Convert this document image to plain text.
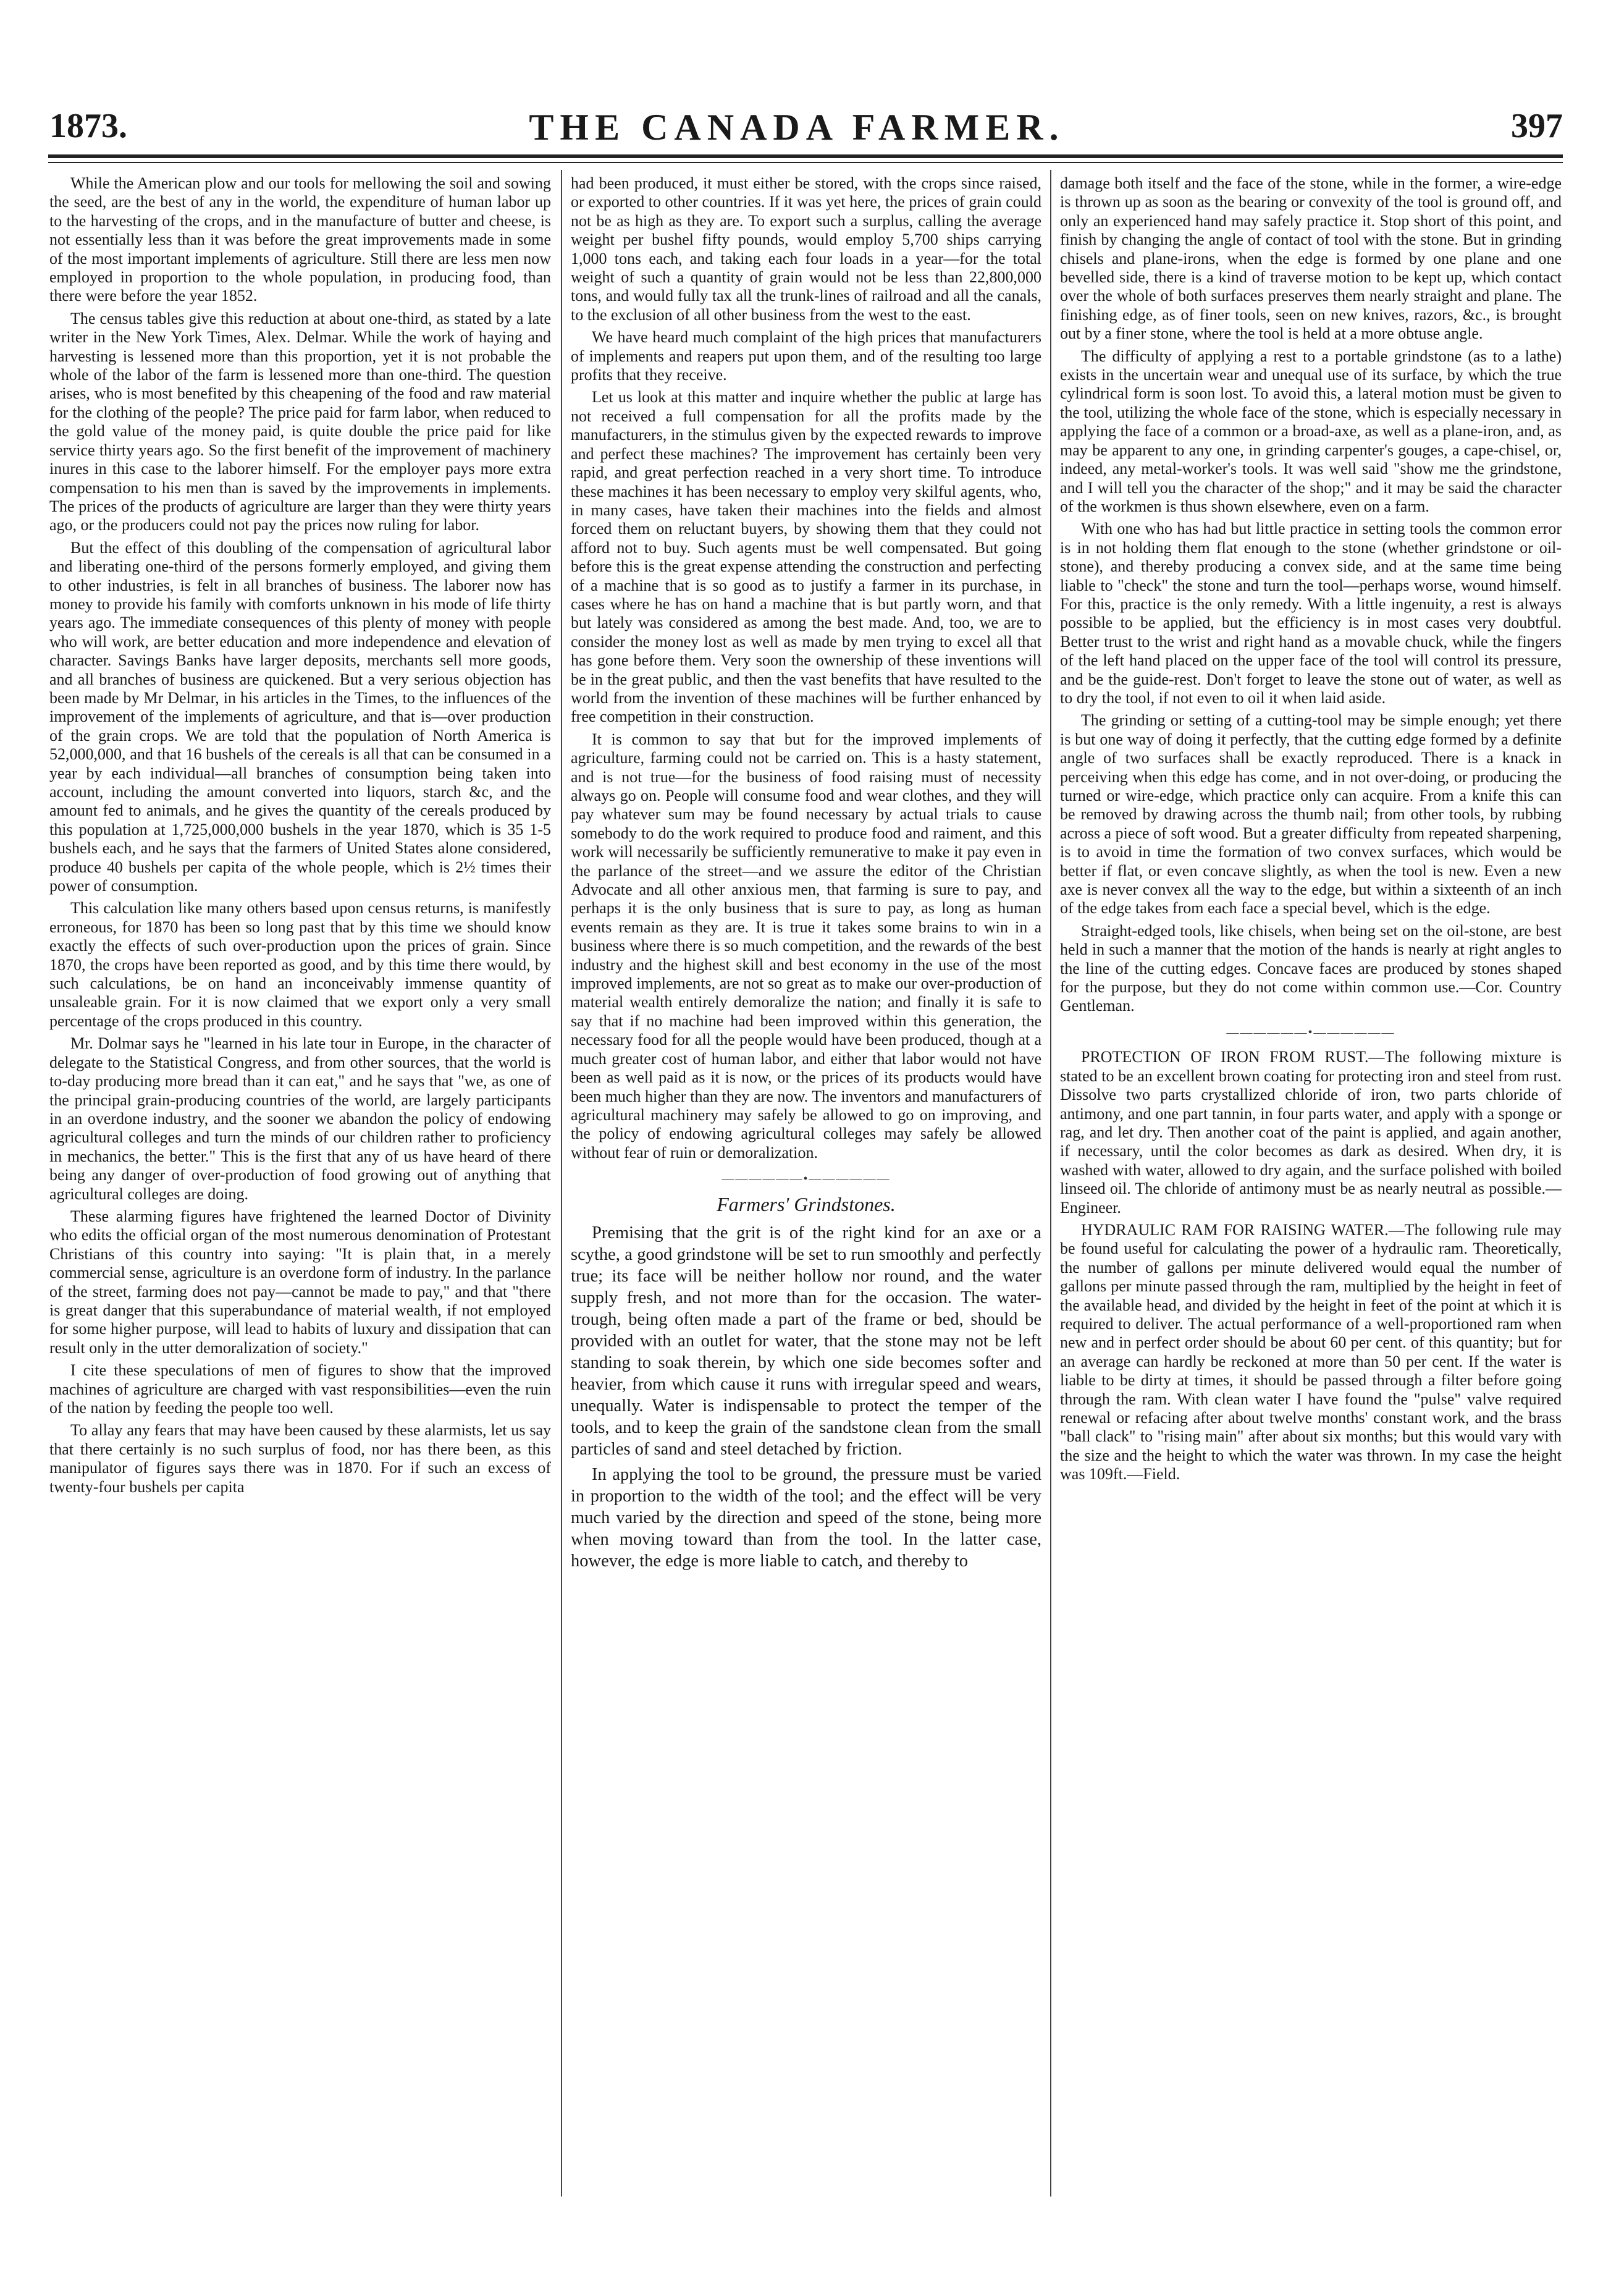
1873.	THE CANADA FARMER.	397

While the American plow and our tools for mellowing the soil and sowing the seed, are the best of any in the world, the expenditure of human labor up to the harvesting of the crops, and in the manufacture of butter and cheese, is not essentially less than it was before the great improvements made in some of the most important implements of agriculture. Still there are less men now employed in proportion to the whole population, in producing food, than there were before the year 1852.

The census tables give this reduction at about one-third, as stated by a late writer in the New York Times, Alex. Delmar. While the work of haying and harvesting is lessened more than this proportion, yet it is not probable the whole of the labor of the farm is lessened more than one-third. The question arises, who is most benefited by this cheapening of the food and raw material for the clothing of the people? The price paid for farm labor, when reduced to the gold value of the money paid, is quite double the price paid for like service thirty years ago. So the first benefit of the improvement of machinery inures in this case to the laborer himself. For the employer pays more extra compensation to his men than is saved by the improvements in implements. The prices of the products of agriculture are larger than they were thirty years ago, or the producers could not pay the prices now ruling for labor.

But the effect of this doubling of the compensation of agricultural labor and liberating one-third of the persons formerly employed, and giving them to other industries, is felt in all branches of business. The laborer now has money to provide his family with comforts unknown in his mode of life thirty years ago. The immediate consequences of this plenty of money with people who will work, are better education and more independence and elevation of character. Savings Banks have larger deposits, merchants sell more goods, and all branches of business are quickened. But a very serious objection has been made by Mr Delmar, in his articles in the Times, to the influences of the improvement of the implements of agriculture, and that is—over production of the grain crops. We are told that the population of North America is 52,000,000, and that 16 bushels of the cereals is all that can be consumed in a year by each individual—all branches of consumption being taken into account, including the amount converted into liquors, starch &c, and the amount fed to animals, and he gives the quantity of the cereals produced by this population at 1,725,000,000 bushels in the year 1870, which is 35 1-5 bushels each, and he says that the farmers of United States alone considered, produce 40 bushels per capita of the whole people, which is 2½ times their power of consumption.

This calculation like many others based upon census returns, is manifestly erroneous, for 1870 has been so long past that by this time we should know exactly the effects of such over-production upon the prices of grain. Since 1870, the crops have been reported as good, and by this time there would, by such calculations, be on hand an inconceivably immense quantity of unsaleable grain. For it is now claimed that we export only a very small percentage of the crops produced in this country.

Mr. Dolmar says he "learned in his late tour in Europe, in the character of delegate to the Statistical Congress, and from other sources, that the world is to-day producing more bread than it can eat," and he says that "we, as one of the principal grain-producing countries of the world, are largely participants in an overdone industry, and the sooner we abandon the policy of endowing agricultural colleges and turn the minds of our children rather to proficiency in mechanics, the better." This is the first that any of us have heard of there being any danger of over-production of food growing out of anything that agricultural colleges are doing.

These alarming figures have frightened the learned Doctor of Divinity who edits the official organ of the most numerous denomination of Protestant Christians of this country into saying: "It is plain that, in a merely commercial sense, agriculture is an overdone form of industry. In the parlance of the street, farming does not pay—cannot be made to pay," and that "there is great danger that this superabundance of material wealth, if not employed for some higher purpose, will lead to habits of luxury and dissipation that can result only in the utter demoralization of society."

I cite these speculations of men of figures to show that the improved machines of agriculture are charged with vast responsibilities—even the ruin of the nation by feeding the people too well.

To allay any fears that may have been caused by these alarmists, let us say that there certainly is no such surplus of food, nor has there been, as this manipulator of figures says there was in 1870. For if such an excess of twenty-four bushels per capita

had been produced, it must either be stored, with the crops since raised, or exported to other countries. If it was yet here, the prices of grain could not be as high as they are. To export such a surplus, calling the average weight per bushel fifty pounds, would employ 5,700 ships carrying 1,000 tons each, and taking each four loads in a year—for the total weight of such a quantity of grain would not be less than 22,800,000 tons, and would fully tax all the trunk-lines of railroad and all the canals, to the exclusion of all other business from the west to the east.

We have heard much complaint of the high prices that manufacturers of implements and reapers put upon them, and of the resulting too large profits that they receive.

Let us look at this matter and inquire whether the public at large has not received a full compensation for all the profits made by the manufacturers, in the stimulus given by the expected rewards to improve and perfect these machines? The improvement has certainly been very rapid, and great perfection reached in a very short time. To introduce these machines it has been necessary to employ very skilful agents, who, in many cases, have taken their machines into the fields and almost forced them on reluctant buyers, by showing them that they could not afford not to buy. Such agents must be well compensated. But going before this is the great expense attending the construction and perfecting of a machine that is so good as to justify a farmer in its purchase, in cases where he has on hand a machine that is but partly worn, and that but lately was considered as among the best made. And, too, we are to consider the money lost as well as made by men trying to excel all that has gone before them. Very soon the ownership of these inventions will be in the great public, and then the vast benefits that have resulted to the world from the invention of these machines will be further enhanced by free competition in their construction.

It is common to say that but for the improved implements of agriculture, farming could not be carried on. This is a hasty statement, and is not true—for the business of food raising must of necessity always go on. People will consume food and wear clothes, and they will pay whatever sum may be found necessary by actual trials to cause somebody to do the work required to produce food and raiment, and this work will necessarily be sufficiently remunerative to make it pay even in the parlance of the street—and we assure the editor of the Christian Advocate and all other anxious men, that farming is sure to pay, and perhaps it is the only business that is sure to pay, as long as human events remain as they are. It is true it takes some brains to win in a business where there is so much competition, and the rewards of the best industry and the highest skill and best economy in the use of the most improved implements, are not so great as to make our over-production of material wealth entirely demoralize the nation; and finally it is safe to say that if no machine had been improved within this generation, the necessary food for all the people would have been produced, though at a much greater cost of human labor, and either that labor would not have been as well paid as it is now, or the prices of its products would have been much higher than they are now. The inventors and manufacturers of agricultural machinery may safely be allowed to go on improving, and the policy of endowing agricultural colleges may safely be allowed without fear of ruin or demoralization.

——————•——————
Farmers' Grindstones.

Premising that the grit is of the right kind for an axe or a scythe, a good grindstone will be set to run smoothly and perfectly true; its face will be neither hollow nor round, and the water supply fresh, and not more than for the occasion. The water-trough, being often made a part of the frame or bed, should be provided with an outlet for water, that the stone may not be left standing to soak therein, by which one side becomes softer and heavier, from which cause it runs with irregular speed and wears, unequally. Water is indispensable to protect the temper of the tools, and to keep the grain of the sandstone clean from the small particles of sand and steel detached by friction.

In applying the tool to be ground, the pressure must be varied in proportion to the width of the tool; and the effect will be very much varied by the direction and speed of the stone, being more when moving toward than from the tool. In the latter case, however, the edge is more liable to catch, and thereby to

damage both itself and the face of the stone, while in the former, a wire-edge is thrown up as soon as the bearing or convexity of the tool is ground off, and only an experienced hand may safely practice it. Stop short of this point, and finish by changing the angle of contact of tool with the stone. But in grinding chisels and plane-irons, when the edge is formed by one plane and one bevelled side, there is a kind of traverse motion to be kept up, which contact over the whole of both surfaces preserves them nearly straight and plane. The finishing edge, as of finer tools, seen on new knives, razors, &c., is brought out by a finer stone, where the tool is held at a more obtuse angle.

The difficulty of applying a rest to a portable grindstone (as to a lathe) exists in the uncertain wear and unequal use of its surface, by which the true cylindrical form is soon lost. To avoid this, a lateral motion must be given to the tool, utilizing the whole face of the stone, which is especially necessary in applying the face of a common or a broad-axe, as well as a plane-iron, and, as may be apparent to any one, in grinding carpenter's gouges, a cape-chisel, or, indeed, any metal-worker's tools. It was well said "show me the grindstone, and I will tell you the character of the shop;" and it may be said the character of the workmen is thus shown elsewhere, even on a farm.

With one who has had but little practice in setting tools the common error is in not holding them flat enough to the stone (whether grindstone or oil-stone), and thereby producing a convex side, and at the same time being liable to "check" the stone and turn the tool—perhaps worse, wound himself. For this, practice is the only remedy. With a little ingenuity, a rest is always possible to be applied, but the efficiency is in most cases very doubtful. Better trust to the wrist and right hand as a movable chuck, while the fingers of the left hand placed on the upper face of the tool will control its pressure, and be the guide-rest. Don't forget to leave the stone out of water, as well as to dry the tool, if not even to oil it when laid aside.

The grinding or setting of a cutting-tool may be simple enough; yet there is but one way of doing it perfectly, that the cutting edge formed by a definite angle of two surfaces shall be exactly reproduced. There is a knack in perceiving when this edge has come, and in not over-doing, or producing the turned or wire-edge, which practice only can acquire. From a knife this can be removed by drawing across the thumb nail; from other tools, by rubbing across a piece of soft wood. But a greater difficulty from repeated sharpening, is to avoid in time the formation of two convex surfaces, which would be better if flat, or even concave slightly, as when the tool is new. Even a new axe is never convex all the way to the edge, but within a sixteenth of an inch of the edge takes from each face a special bevel, which is the edge.

Straight-edged tools, like chisels, when being set on the oil-stone, are best held in such a manner that the motion of the hands is nearly at right angles to the line of the cutting edges. Concave faces are produced by stones shaped for the purpose, but they do not come within common use.—Cor. Country Gentleman.

——————•——————

PROTECTION OF IRON FROM RUST.—The following mixture is stated to be an excellent brown coating for protecting iron and steel from rust. Dissolve two parts crystallized chloride of iron, two parts chloride of antimony, and one part tannin, in four parts water, and apply with a sponge or rag, and let dry. Then another coat of the paint is applied, and again another, if necessary, until the color becomes as dark as desired. When dry, it is washed with water, allowed to dry again, and the surface polished with boiled linseed oil. The chloride of antimony must be as nearly neutral as possible.—Engineer.

HYDRAULIC RAM FOR RAISING WATER.—The following rule may be found useful for calculating the power of a hydraulic ram. Theoretically, the number of gallons per minute delivered would equal the number of gallons per minute passed through the ram, multiplied by the height in feet of the available head, and divided by the height in feet of the point at which it is required to deliver. The actual performance of a well-proportioned ram when new and in perfect order should be about 60 per cent. of this quantity; but for an average can hardly be reckoned at more than 50 per cent. If the water is liable to be dirty at times, it should be passed through a filter before going through the ram. With clean water I have found the "pulse" valve required renewal or refacing after about twelve months' constant work, and the brass "ball clack" to "rising main" after about six months; but this would vary with the size and the height to which the water was thrown. In my case the height was 109ft.—Field.
